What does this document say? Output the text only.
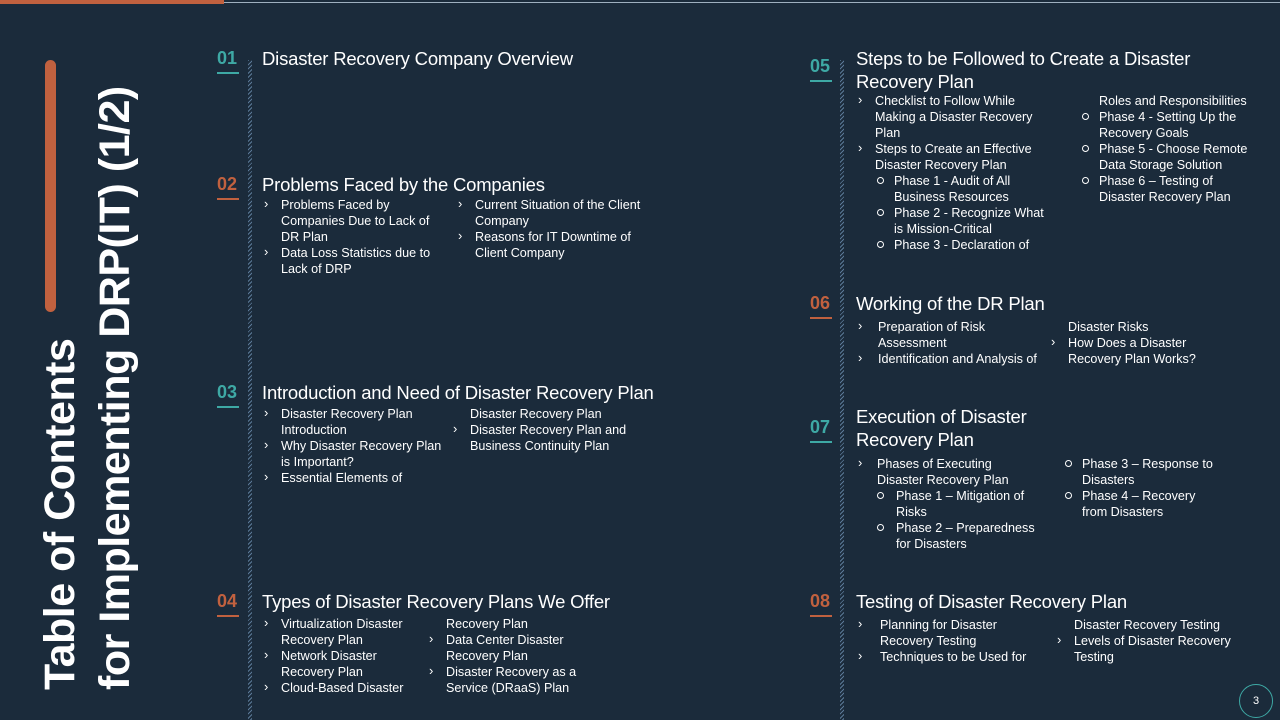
Table of Contents for Implementing DRP(IT) (1/2)
01 Disaster Recovery Company Overview
02 Problems Faced by the Companies

› Problems Faced by

Companies Due to Lack of

DR Plan

› Data Loss Statistics due to

Lack of DRP

› Current Situation of the Client

Company

› Reasons for IT Downtime of

Client Company

03 Introduction and Need of Disaster Recovery Plan

› Disaster Recovery Plan

Introduction

› Why Disaster Recovery Plan

is Important?

› Essential Elements of

Disaster Recovery Plan

› Disaster Recovery Plan and

Business Continuity Plan

04 Types of Disaster Recovery Plans We Offer

› Virtualization Disaster

Recovery Plan

› Network Disaster

Recovery Plan

› Cloud-Based Disaster

Recovery Plan

› Data Center Disaster

Recovery Plan

› Disaster Recovery as a

Service (DRaaS) Plan

05 Steps to be Followed to Create a Disaster
Recovery Plan

› Checklist to Follow While

Making a Disaster Recovery

Plan

› Steps to Create an Effective

Disaster Recovery Plan

Phase 1 - Audit of All

Business Resources

Phase 2 - Recognize What

is Mission-Critical

Phase 3 - Declaration of

Roles and Responsibilities

Phase 4 - Setting Up the

Recovery Goals

Phase 5 - Choose Remote

Data Storage Solution

Phase 6 – Testing of

Disaster Recovery Plan

06 Working of the DR Plan

› Preparation of Risk

Assessment

› Identification and Analysis of

Disaster Risks

› How Does a Disaster

Recovery Plan Works?

07 Execution of Disaster
Recovery Plan

› Phases of Executing

Disaster Recovery Plan

Phase 1 – Mitigation of

Risks

Phase 2 – Preparedness

for Disasters

Phase 3 – Response to

Disasters

Phase 4 – Recovery

from Disasters

08 Testing of Disaster Recovery Plan

› Planning for Disaster

Recovery Testing

› Techniques to be Used for

Disaster Recovery Testing

› Levels of Disaster Recovery

Testing

3
